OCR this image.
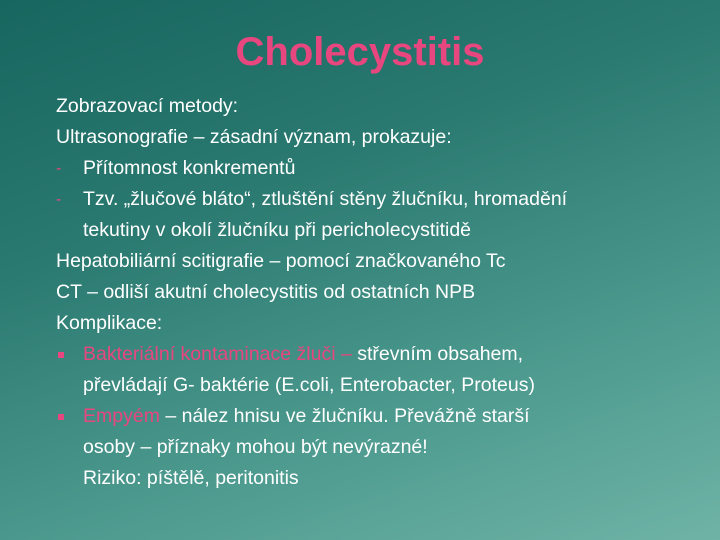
Cholecystitis
Zobrazovací metody:
Ultrasonografie – zásadní význam, prokazuje:
-	Přítomnost konkrementů
-	Tzv. „žlučové bláto“, ztluštění stěny žlučníku, hromadění
tekutiny v okolí žlučníku při pericholecystitidě
Hepatobiliární scitigrafie – pomocí značkovaného Tc
CT – odliší akutní cholecystitis od ostatních NPB
Komplikace:
Bakteriální kontaminace žluči – střevním obsahem,
převládají G- baktérie (E.coli, Enterobacter, Proteus)
Empyém – nález hnisu ve žlučníku. Převážně starší
osoby – příznaky mohou být nevýrazné!
Riziko: píštělě, peritonitis
